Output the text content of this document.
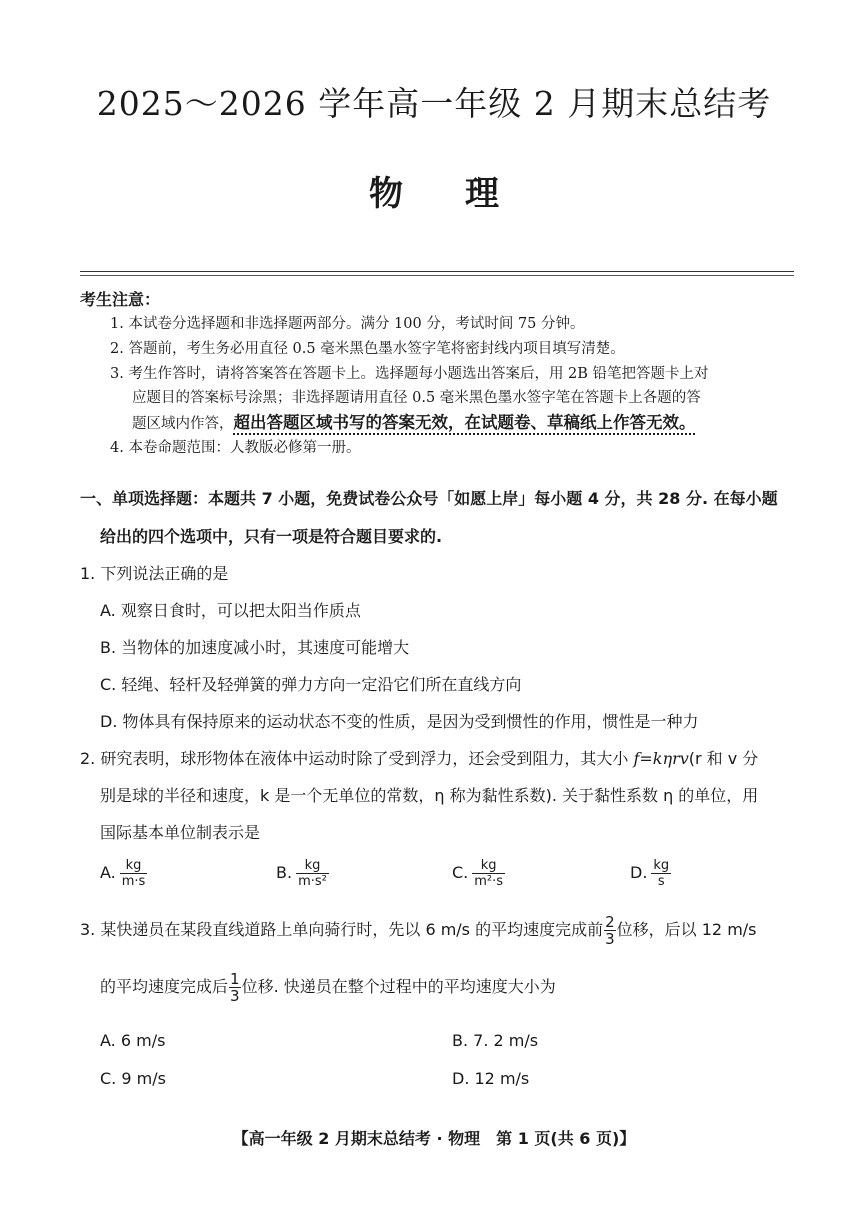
2025～2026 学年高一年级 2 月期末总结考
物理
考生注意：
1. 本试卷分选择题和非选择题两部分。满分 100 分，考试时间 75 分钟。
2. 答题前，考生务必用直径 0.5 毫米黑色墨水签字笔将密封线内项目填写清楚。
3. 考生作答时，请将答案答在答题卡上。选择题每小题选出答案后，用 2B 铅笔把答题卡上对
应题目的答案标号涂黑；非选择题请用直径 0.5 毫米黑色墨水签字笔在答题卡上各题的答
题区域内作答，超出答题区域书写的答案无效，在试题卷、草稿纸上作答无效。
4. 本卷命题范围：人教版必修第一册。
一、单项选择题：本题共 7 小题，免费试卷公众号「如愿上岸」每小题 4 分，共 28 分. 在每小题
给出的四个选项中，只有一项是符合题目要求的.
1. 下列说法正确的是
A. 观察日食时，可以把太阳当作质点
B. 当物体的加速度减小时，其速度可能增大
C. 轻绳、轻杆及轻弹簧的弹力方向一定沿它们所在直线方向
D. 物体具有保持原来的运动状态不变的性质，是因为受到惯性的作用，惯性是一种力
2. 研究表明，球形物体在液体中运动时除了受到浮力，还会受到阻力，其大小 f=kηrv(r 和 v 分
别是球的半径和速度，k 是一个无单位的常数，η 称为黏性系数). 关于黏性系数 η 的单位，用
国际基本单位制表示是
A. $\frac{kg}{m\cdot s}$	B. $\frac{kg}{\text{m·s²}}$	C. $\frac{kg}{\text{m²·s}}$	D. $\frac{kg}{s}$
3. 某快递员在某段直线道路上单向骑行时，先以 6 m/s 的平均速度完成前 $\frac{2}{3}$ 位移，后以 12 m/s
的平均速度完成后 $\frac{1}{3}$ 位移. 快递员在整个过程中的平均速度大小为
A. 6 m/s	B. 7. 2 m/s
C. 9 m/s	D. 12 m/s
【高一年级 2 月期末总结考 · 物理　第 1 页(共 6 页)】
